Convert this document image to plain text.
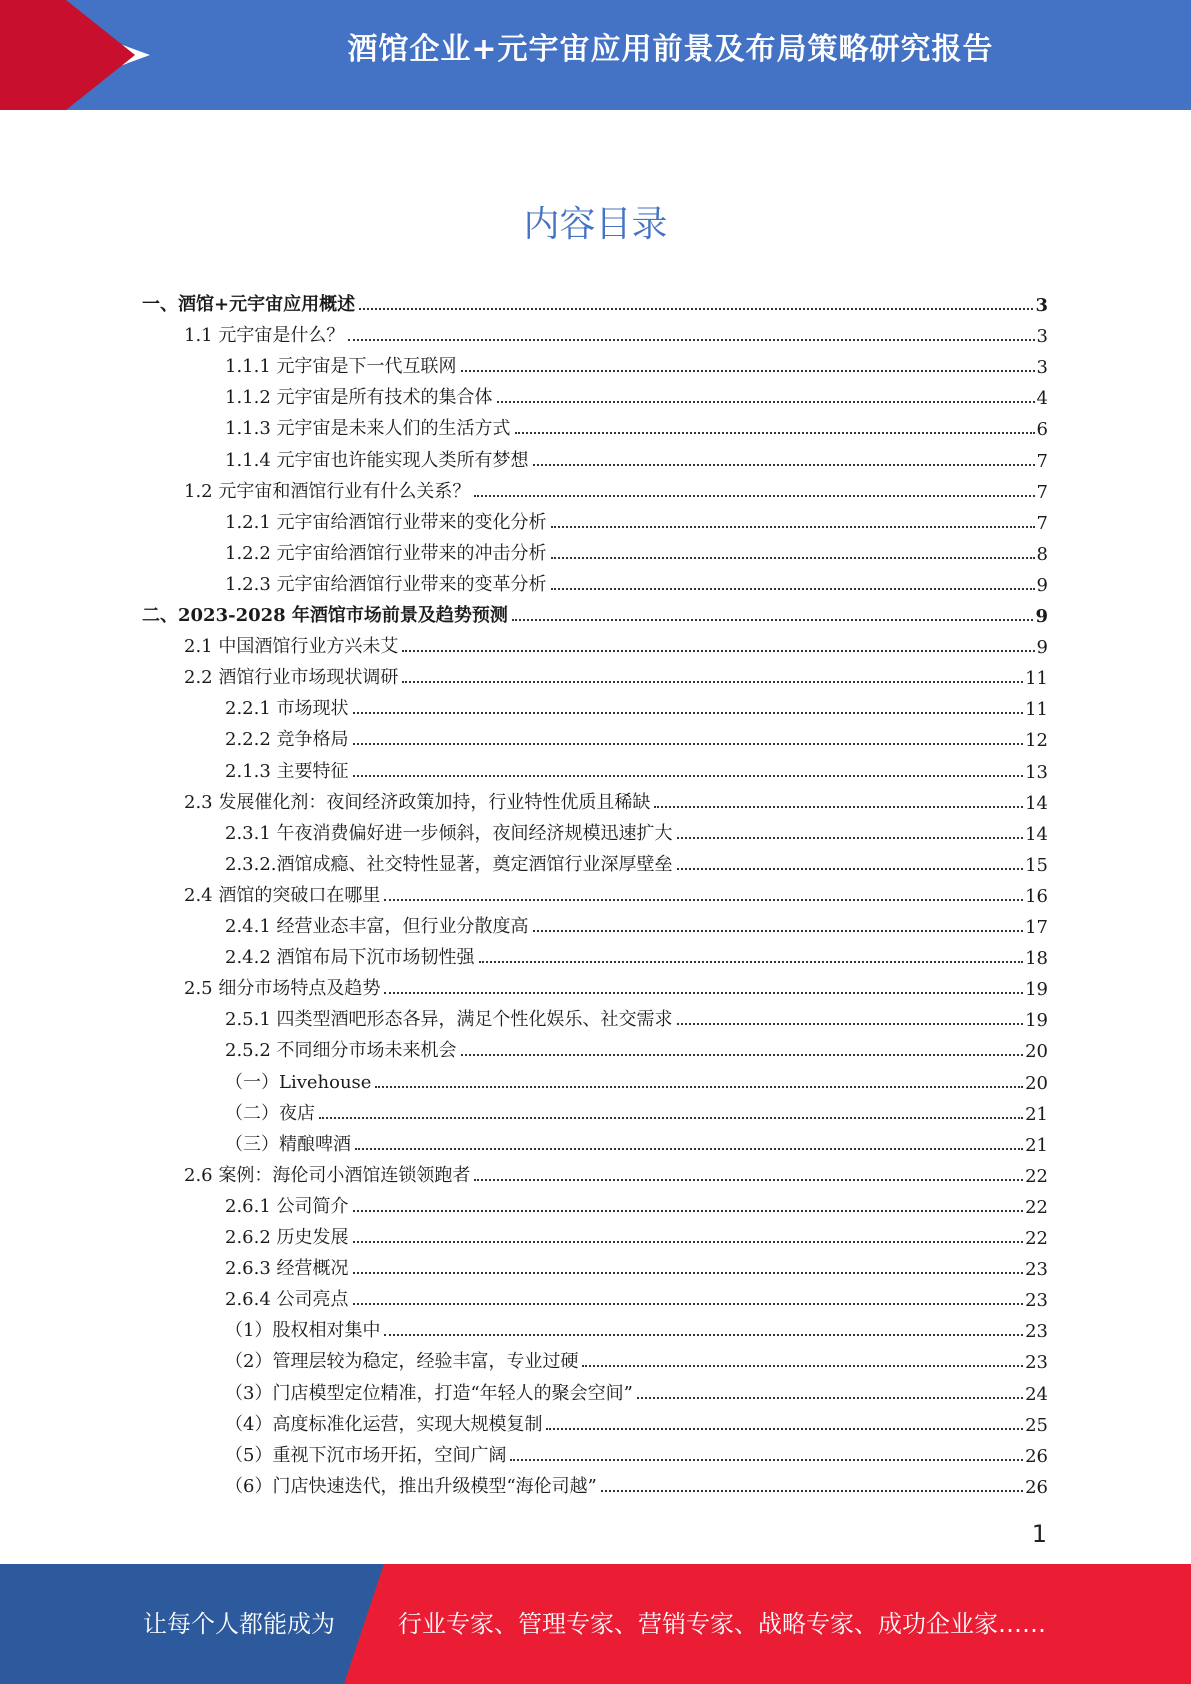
酒馆企业+元宇宙应用前景及布局策略研究报告
内容目录
一、酒馆+元宇宙应用概述	3
1.1 元宇宙是什么？	3
1.1.1 元宇宙是下一代互联网	3
1.1.2 元宇宙是所有技术的集合体	4
1.1.3 元宇宙是未来人们的生活方式	6
1.1.4 元宇宙也许能实现人类所有梦想	7
1.2 元宇宙和酒馆行业有什么关系？	7
1.2.1 元宇宙给酒馆行业带来的变化分析	7
1.2.2 元宇宙给酒馆行业带来的冲击分析	8
1.2.3 元宇宙给酒馆行业带来的变革分析	9
二、2023-2028 年酒馆市场前景及趋势预测	9
2.1 中国酒馆行业方兴未艾	9
2.2 酒馆行业市场现状调研	11
2.2.1 市场现状	11
2.2.2 竞争格局	12
2.1.3 主要特征	13
2.3 发展催化剂：夜间经济政策加持，行业特性优质且稀缺	14
2.3.1 午夜消费偏好进一步倾斜，夜间经济规模迅速扩大	14
2.3.2.酒馆成瘾、社交特性显著，奠定酒馆行业深厚壁垒	15
2.4 酒馆的突破口在哪里	16
2.4.1 经营业态丰富，但行业分散度高	17
2.4.2 酒馆布局下沉市场韧性强	18
2.5 细分市场特点及趋势	19
2.5.1 四类型酒吧形态各异，满足个性化娱乐、社交需求	19
2.5.2 不同细分市场未来机会	20
（一）Livehouse	20
（二）夜店	21
（三）精酿啤酒	21
2.6 案例：海伦司小酒馆连锁领跑者	22
2.6.1 公司简介	22
2.6.2 历史发展	22
2.6.3 经营概况	23
2.6.4 公司亮点	23
（1）股权相对集中	23
（2）管理层较为稳定，经验丰富，专业过硬	23
（3）门店模型定位精准，打造“年轻人的聚会空间”	24
（4）高度标准化运营，实现大规模复制	25
（5）重视下沉市场开拓，空间广阔	26
（6）门店快速迭代，推出升级模型“海伦司越”	26
1
让每个人都能成为	行业专家、管理专家、营销专家、战略专家、成功企业家……
